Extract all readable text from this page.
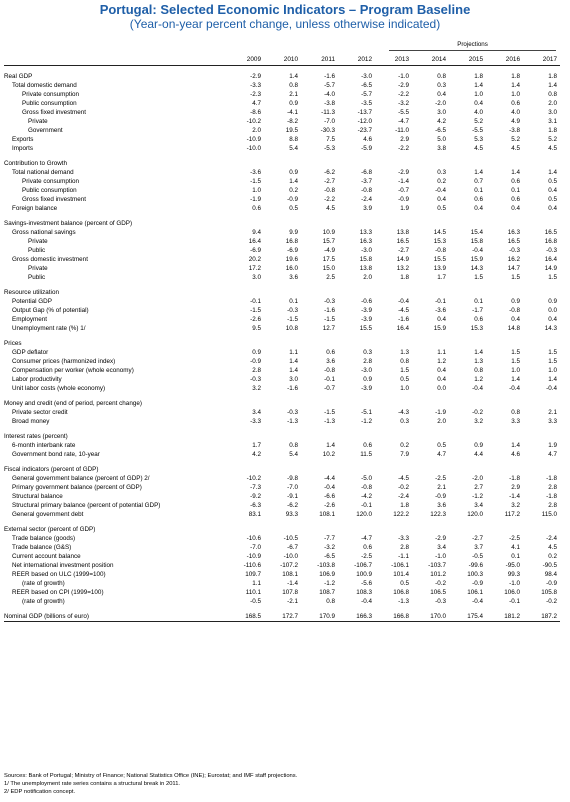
Portugal: Selected Economic Indicators – Program Baseline
(Year-on-year percent change, unless otherwise indicated)
Projections
2009	2010	2011	2012	2013	2014	2015	2016	2017
Real GDP	-2.9	1.4	-1.6	-3.0	-1.0	0.8	1.8	1.8	1.8
Total domestic demand	-3.3	0.8	-5.7	-6.5	-2.9	0.3	1.4	1.4	1.4
Private consumption	-2.3	2.1	-4.0	-5.7	-2.2	0.4	1.0	1.0	0.8
Public consumption	4.7	0.9	-3.8	-3.5	-3.2	-2.0	0.4	0.6	2.0
Gross fixed investment	-8.6	-4.1	-11.3	-13.7	-5.5	3.0	4.0	4.0	3.0
Private	-10.2	-8.2	-7.0	-12.0	-4.7	4.2	5.2	4.9	3.1
Government	2.0	19.5	-30.3	-23.7	-11.0	-6.5	-5.5	-3.8	1.8
Exports	-10.9	8.8	7.5	4.6	2.9	5.0	5.3	5.2	5.2
Imports	-10.0	5.4	-5.3	-5.9	-2.2	3.8	4.5	4.5	4.5
Contribution to Growth
Total national demand	-3.6	0.9	-6.2	-6.8	-2.9	0.3	1.4	1.4	1.4
Private consumption	-1.5	1.4	-2.7	-3.7	-1.4	0.2	0.7	0.6	0.5
Public consumption	1.0	0.2	-0.8	-0.8	-0.7	-0.4	0.1	0.1	0.4
Gross fixed investment	-1.9	-0.9	-2.2	-2.4	-0.9	0.4	0.6	0.6	0.5
Foreign balance	0.6	0.5	4.5	3.9	1.9	0.5	0.4	0.4	0.4
Savings-investment balance (percent of GDP)
Gross national savings	9.4	9.9	10.9	13.3	13.8	14.5	15.4	16.3	16.5
Private	16.4	16.8	15.7	16.3	16.5	15.3	15.8	16.5	16.8
Public	-6.9	-6.9	-4.9	-3.0	-2.7	-0.8	-0.4	-0.3	-0.3
Gross domestic investment	20.2	19.6	17.5	15.8	14.9	15.5	15.9	16.2	16.4
Private	17.2	16.0	15.0	13.8	13.2	13.9	14.3	14.7	14.9
Public	3.0	3.6	2.5	2.0	1.8	1.7	1.5	1.5	1.5
Resource utilization
Potential GDP	-0.1	0.1	-0.3	-0.6	-0.4	-0.1	0.1	0.9	0.9
Output Gap (% of potential)	-1.5	-0.3	-1.6	-3.9	-4.5	-3.6	-1.7	-0.8	0.0
Employment	-2.6	-1.5	-1.5	-3.9	-1.6	0.4	0.6	0.4	0.4
Unemployment rate (%) 1/	9.5	10.8	12.7	15.5	16.4	15.9	15.3	14.8	14.3
Prices
GDP deflator	0.9	1.1	0.6	0.3	1.3	1.1	1.4	1.5	1.5
Consumer prices (harmonized index)	-0.9	1.4	3.6	2.8	0.8	1.2	1.3	1.5	1.5
Compensation per worker (whole economy)	2.8	1.4	-0.8	-3.0	1.5	0.4	0.8	1.0	1.0
Labor productivity	-0.3	3.0	-0.1	0.9	0.5	0.4	1.2	1.4	1.4
Unit labor costs (whole economy)	3.2	-1.6	-0.7	-3.9	1.0	0.0	-0.4	-0.4	-0.4
Money and credit (end of period, percent change)
Private sector credit	3.4	-0.3	-1.5	-5.1	-4.3	-1.9	-0.2	0.8	2.1
Broad money	-3.3	-1.3	-1.3	-1.2	0.3	2.0	3.2	3.3	3.3
Interest rates (percent)
6-month interbank rate	1.7	0.8	1.4	0.6	0.2	0.5	0.9	1.4	1.9
Government bond rate, 10-year	4.2	5.4	10.2	11.5	7.9	4.7	4.4	4.6	4.7
Fiscal indicators (percent of GDP)
General government balance (percent of GDP) 2/	-10.2	-9.8	-4.4	-5.0	-4.5	-2.5	-2.0	-1.8	-1.8
Primary government balance (percent of GDP)	-7.3	-7.0	-0.4	-0.8	-0.2	2.1	2.7	2.9	2.8
Structural balance	-9.2	-9.1	-6.6	-4.2	-2.4	-0.9	-1.2	-1.4	-1.8
Structural primary balance (percent of potential GDP)	-6.3	-6.2	-2.6	-0.1	1.8	3.6	3.4	3.2	2.8
General government debt	83.1	93.3	108.1	120.0	122.2	122.3	120.0	117.2	115.0
External sector (percent of GDP)
Trade balance (goods)	-10.6	-10.5	-7.7	-4.7	-3.3	-2.9	-2.7	-2.5	-2.4
Trade balance (G&S)	-7.0	-6.7	-3.2	0.6	2.8	3.4	3.7	4.1	4.5
Current account balance	-10.9	-10.0	-6.5	-2.5	-1.1	-1.0	-0.5	0.1	0.2
Net international investment position	-110.6	-107.2	-103.8	-106.7	-106.1	-103.7	-99.6	-95.0	-90.5
REER based on ULC (1999=100)	109.7	108.1	106.9	100.9	101.4	101.2	100.3	99.3	98.4
(rate of growth)	1.1	-1.4	-1.2	-5.6	0.5	-0.2	-0.9	-1.0	-0.9
REER based on CPI (1999=100)	110.1	107.8	108.7	108.3	106.8	106.5	106.1	106.0	105.8
(rate of growth)	-0.5	-2.1	0.8	-0.4	-1.3	-0.3	-0.4	-0.1	-0.2
Nominal GDP (billions of euro)	168.5	172.7	170.9	166.3	166.8	170.0	175.4	181.2	187.2
Sources: Bank of Portugal; Ministry of Finance; National Statistics Office (INE); Eurostat; and IMF staff projections.
1/ The unemployment rate series contains a structural break in 2011.
2/ EDP notification concept.
